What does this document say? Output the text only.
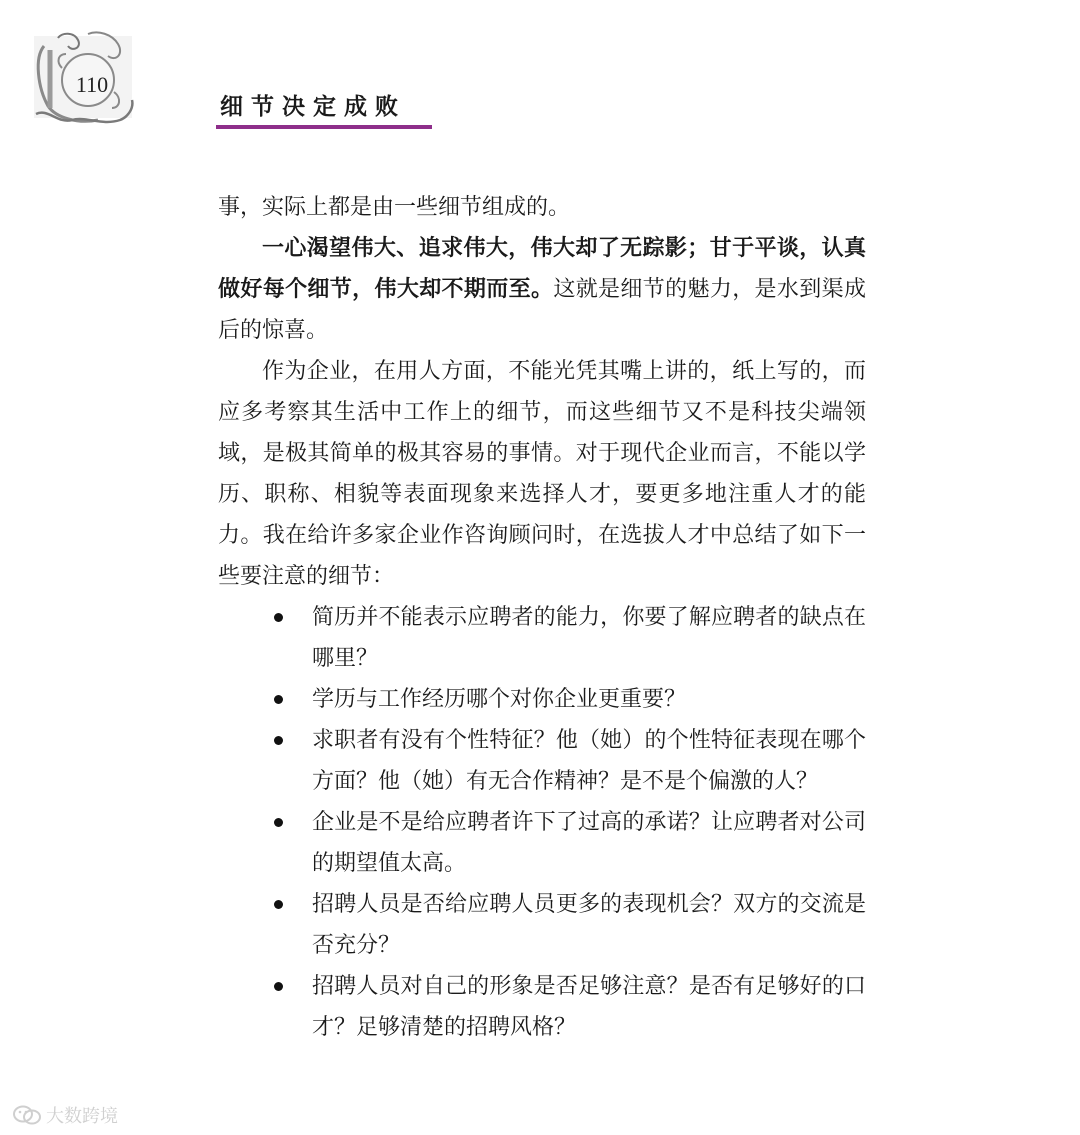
110
细节决定成败

事，实际上都是由一些细节组成的。

一心渴望伟大、追求伟大，伟大却了无踪影；甘于平谈，认真做好每个细节，伟大却不期而至。这就是细节的魅力，是水到渠成后的惊喜。

作为企业，在用人方面，不能光凭其嘴上讲的，纸上写的，而应多考察其生活中工作上的细节，而这些细节又不是科技尖端领域，是极其简单的极其容易的事情。对于现代企业而言，不能以学历、职称、相貌等表面现象来选择人才，要更多地注重人才的能力。我在给许多家企业作咨询顾问时，在选拔人才中总结了如下一些要注意的细节：

简历并不能表示应聘者的能力，你要了解应聘者的缺点在哪里？
学历与工作经历哪个对你企业更重要？
求职者有没有个性特征？他（她）的个性特征表现在哪个方面？他（她）有无合作精神？是不是个偏激的人？
企业是不是给应聘者许下了过高的承诺？让应聘者对公司的期望值太高。
招聘人员是否给应聘人员更多的表现机会？双方的交流是否充分？
招聘人员对自己的形象是否足够注意？是否有足够好的口才？足够清楚的招聘风格？
大数跨境
